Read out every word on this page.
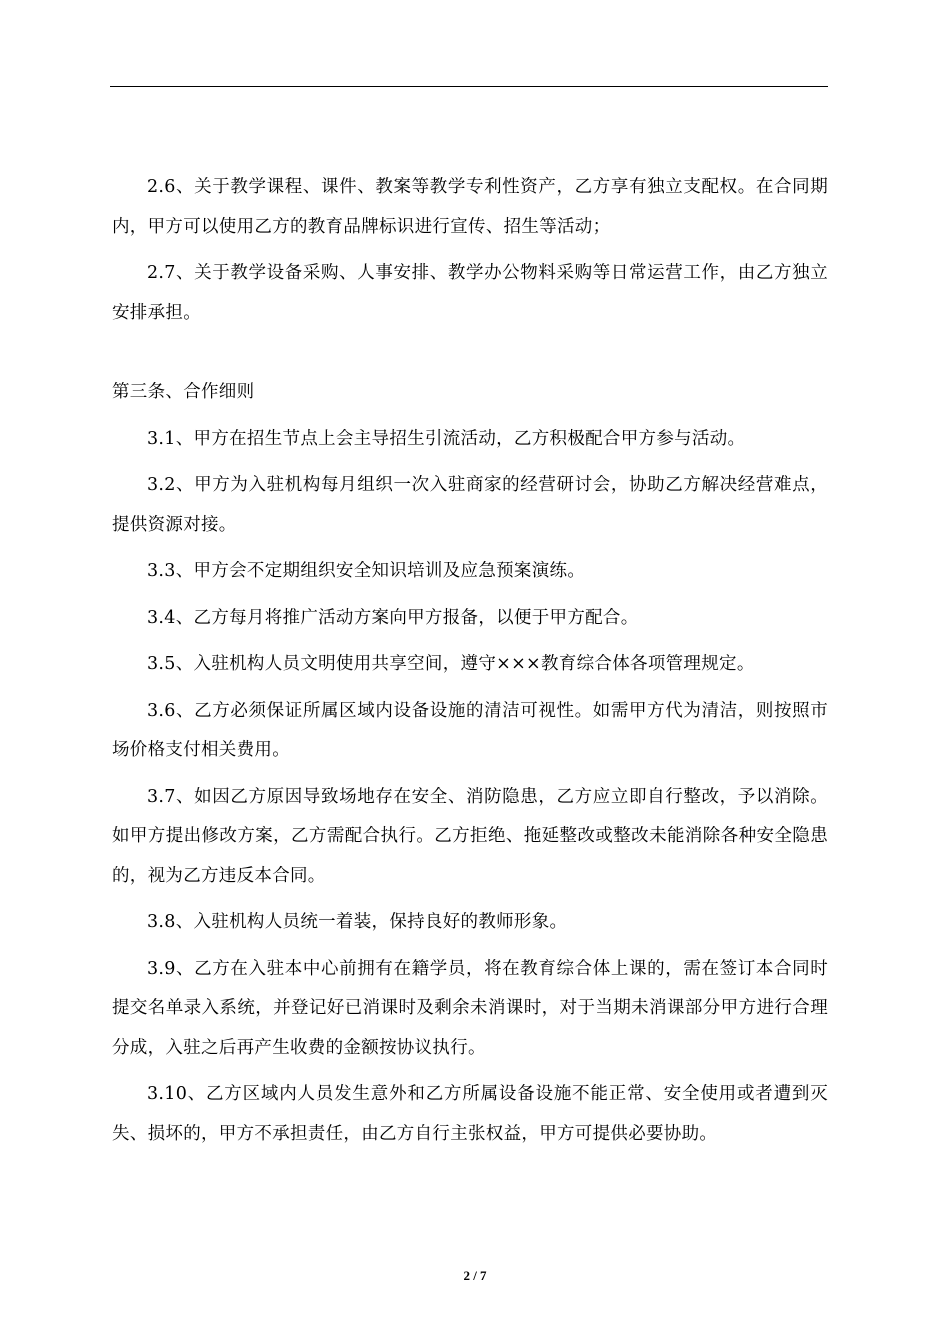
2.6、关于教学课程、课件、教案等教学专利性资产，乙方享有独立支配权。在合同期内，甲方可以使用乙方的教育品牌标识进行宣传、招生等活动；

2.7、关于教学设备采购、人事安排、教学办公物料采购等日常运营工作，由乙方独立安排承担。

第三条、合作细则

3.1、甲方在招生节点上会主导招生引流活动，乙方积极配合甲方参与活动。

3.2、甲方为入驻机构每月组织一次入驻商家的经营研讨会，协助乙方解决经营难点，提供资源对接。

3.3、甲方会不定期组织安全知识培训及应急预案演练。

3.4、乙方每月将推广活动方案向甲方报备，以便于甲方配合。

3.5、入驻机构人员文明使用共享空间，遵守×××教育综合体各项管理规定。

3.6、乙方必须保证所属区域内设备设施的清洁可视性。如需甲方代为清洁，则按照市场价格支付相关费用。

3.7、如因乙方原因导致场地存在安全、消防隐患，乙方应立即自行整改，予以消除。如甲方提出修改方案，乙方需配合执行。乙方拒绝、拖延整改或整改未能消除各种安全隐患的，视为乙方违反本合同。

3.8、入驻机构人员统一着装，保持良好的教师形象。

3.9、乙方在入驻本中心前拥有在籍学员，将在教育综合体上课的，需在签订本合同时提交名单录入系统，并登记好已消课时及剩余未消课时，对于当期未消课部分甲方进行合理分成，入驻之后再产生收费的金额按协议执行。

3.10、乙方区域内人员发生意外和乙方所属设备设施不能正常、安全使用或者遭到灭失、损坏的，甲方不承担责任，由乙方自行主张权益，甲方可提供必要协助。

2 / 7
